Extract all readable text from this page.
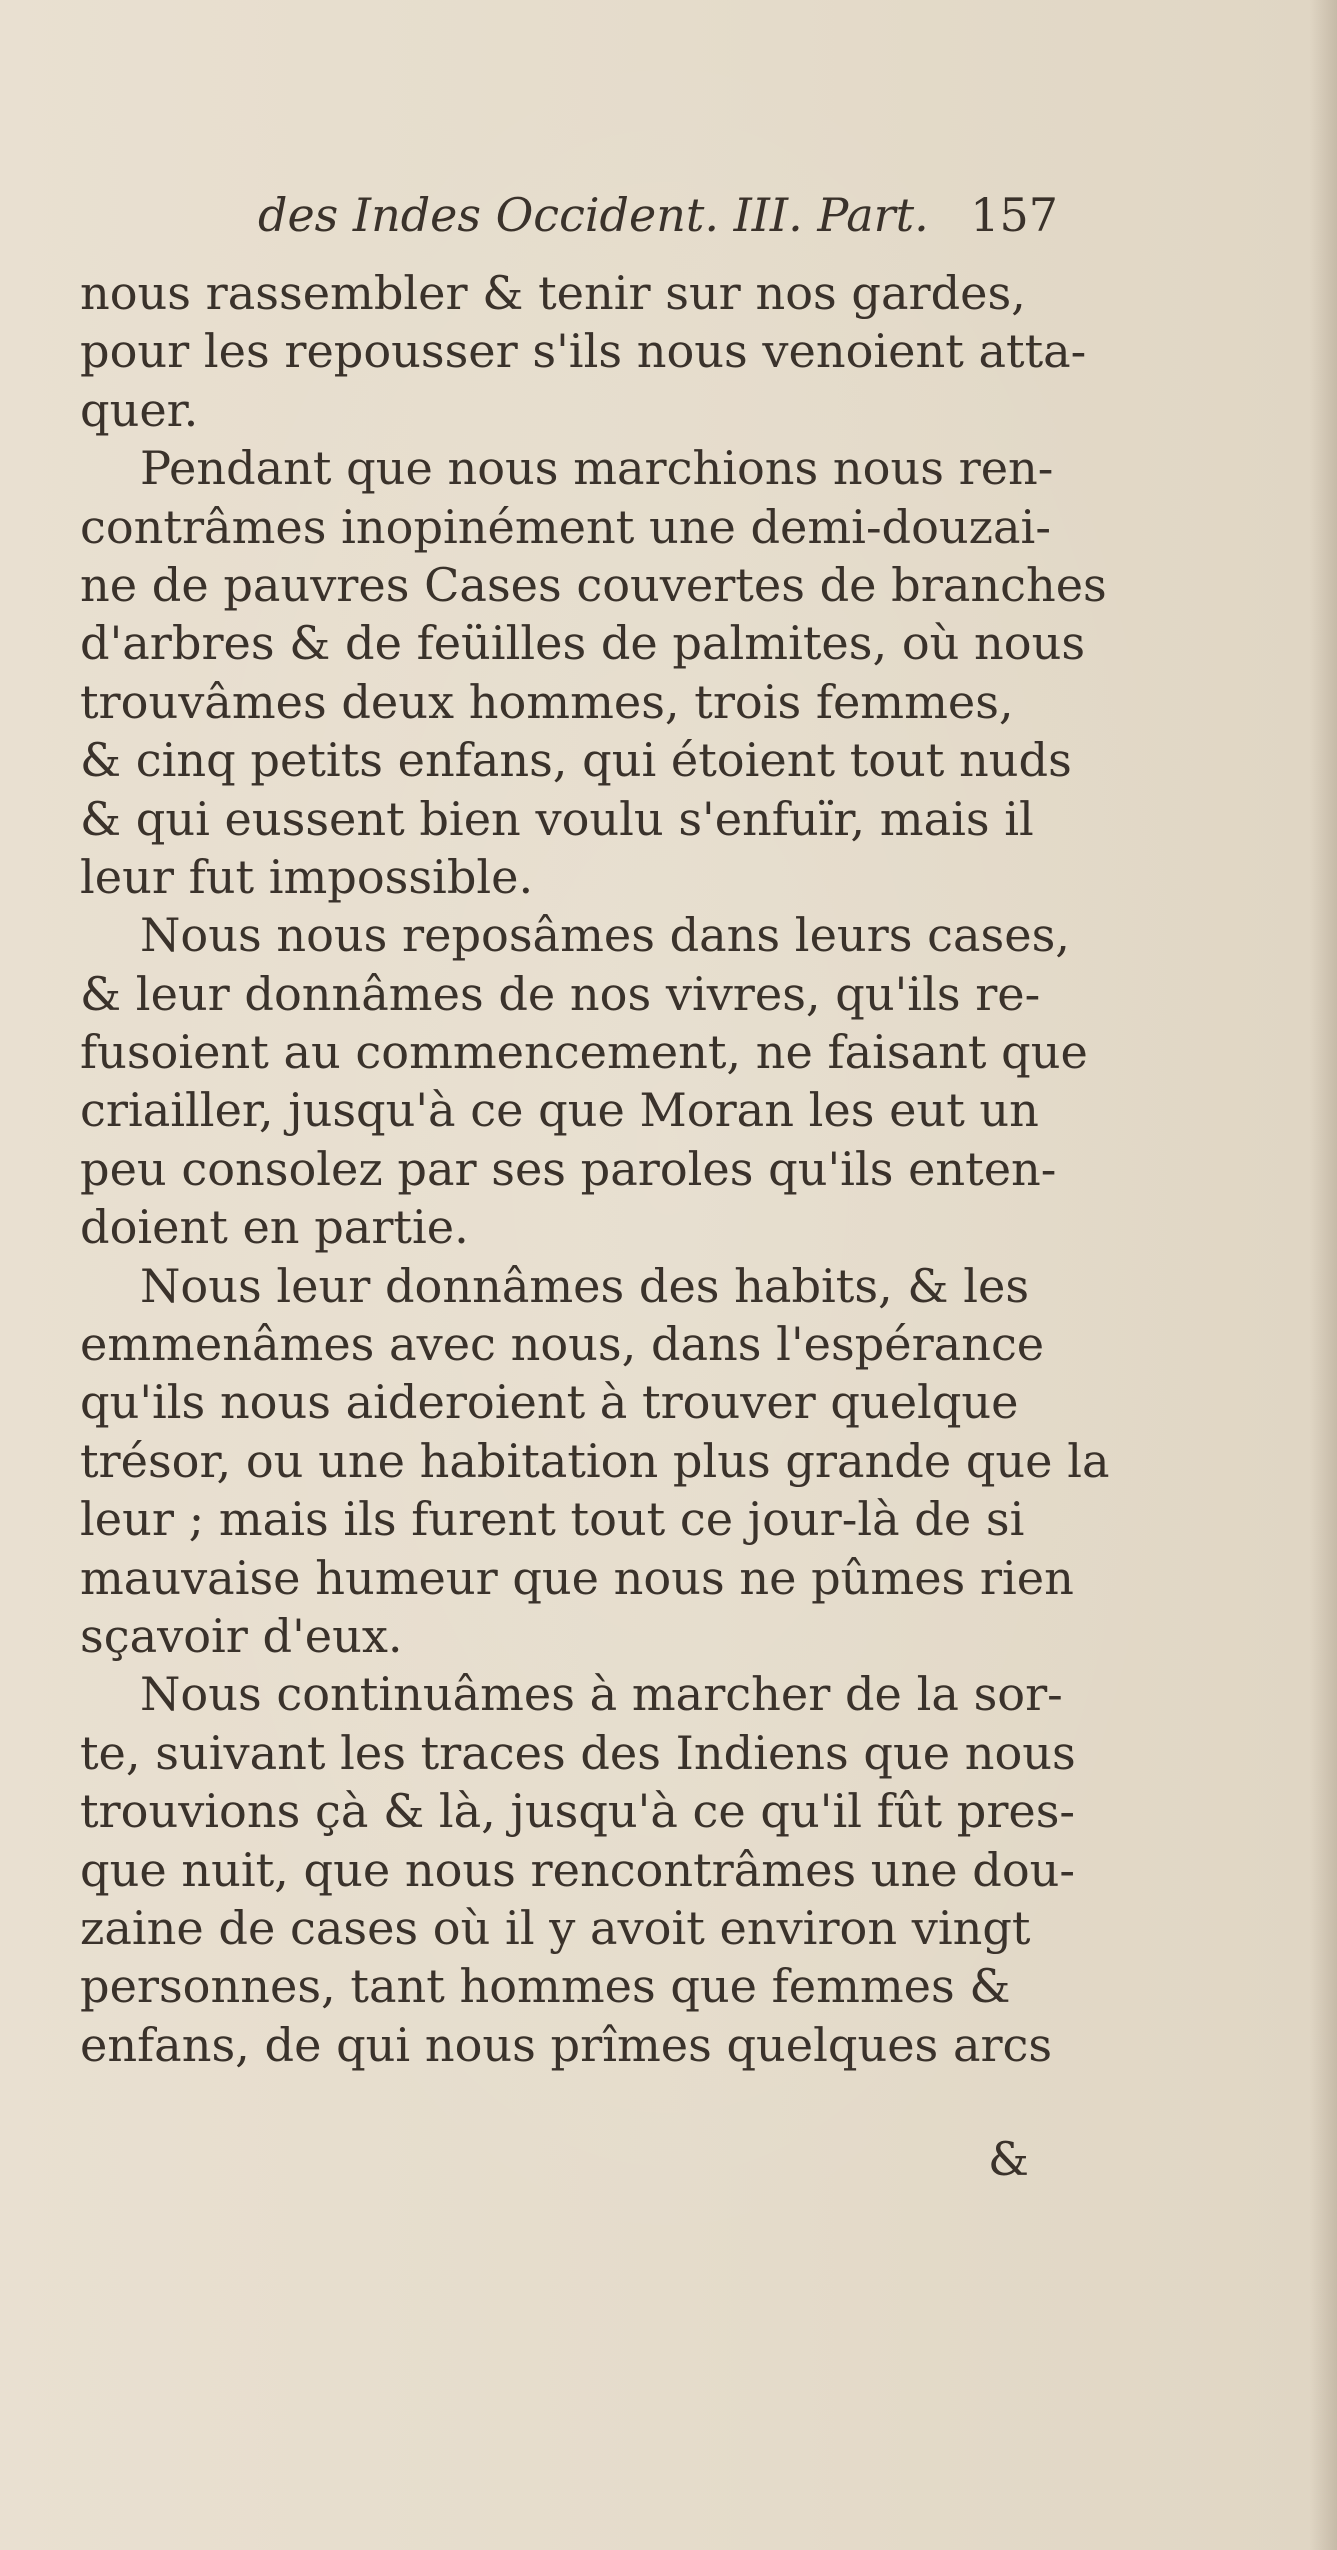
des Indes Occident. III. Part. 157
nous rassembler & tenir sur nos gardes,
pour les repousser s'ils nous venoient atta-
quer.
Pendant que nous marchions nous ren-
contrâmes inopinément une demi-douzai-
ne de pauvres Cases couvertes de branches
d'arbres & de feüilles de palmites, où nous
trouvâmes deux hommes, trois femmes,
& cinq petits enfans, qui étoient tout nuds
& qui eussent bien voulu s'enfuïr, mais il
leur fut impossible.
Nous nous reposâmes dans leurs cases,
& leur donnâmes de nos vivres, qu'ils re-
fusoient au commencement, ne faisant que
criailler, jusqu'à ce que Moran les eut un
peu consolez par ses paroles qu'ils enten-
doient en partie.
Nous leur donnâmes des habits, & les
emmenâmes avec nous, dans l'espérance
qu'ils nous aideroient à trouver quelque
trésor, ou une habitation plus grande que la
leur ; mais ils furent tout ce jour-là de si
mauvaise humeur que nous ne pûmes rien
sçavoir d'eux.
Nous continuâmes à marcher de la sor-
te, suivant les traces des Indiens que nous
trouvions çà & là, jusqu'à ce qu'il fût pres-
que nuit, que nous rencontrâmes une dou-
zaine de cases où il y avoit environ vingt
personnes, tant hommes que femmes &
enfans, de qui nous prîmes quelques arcs
&
